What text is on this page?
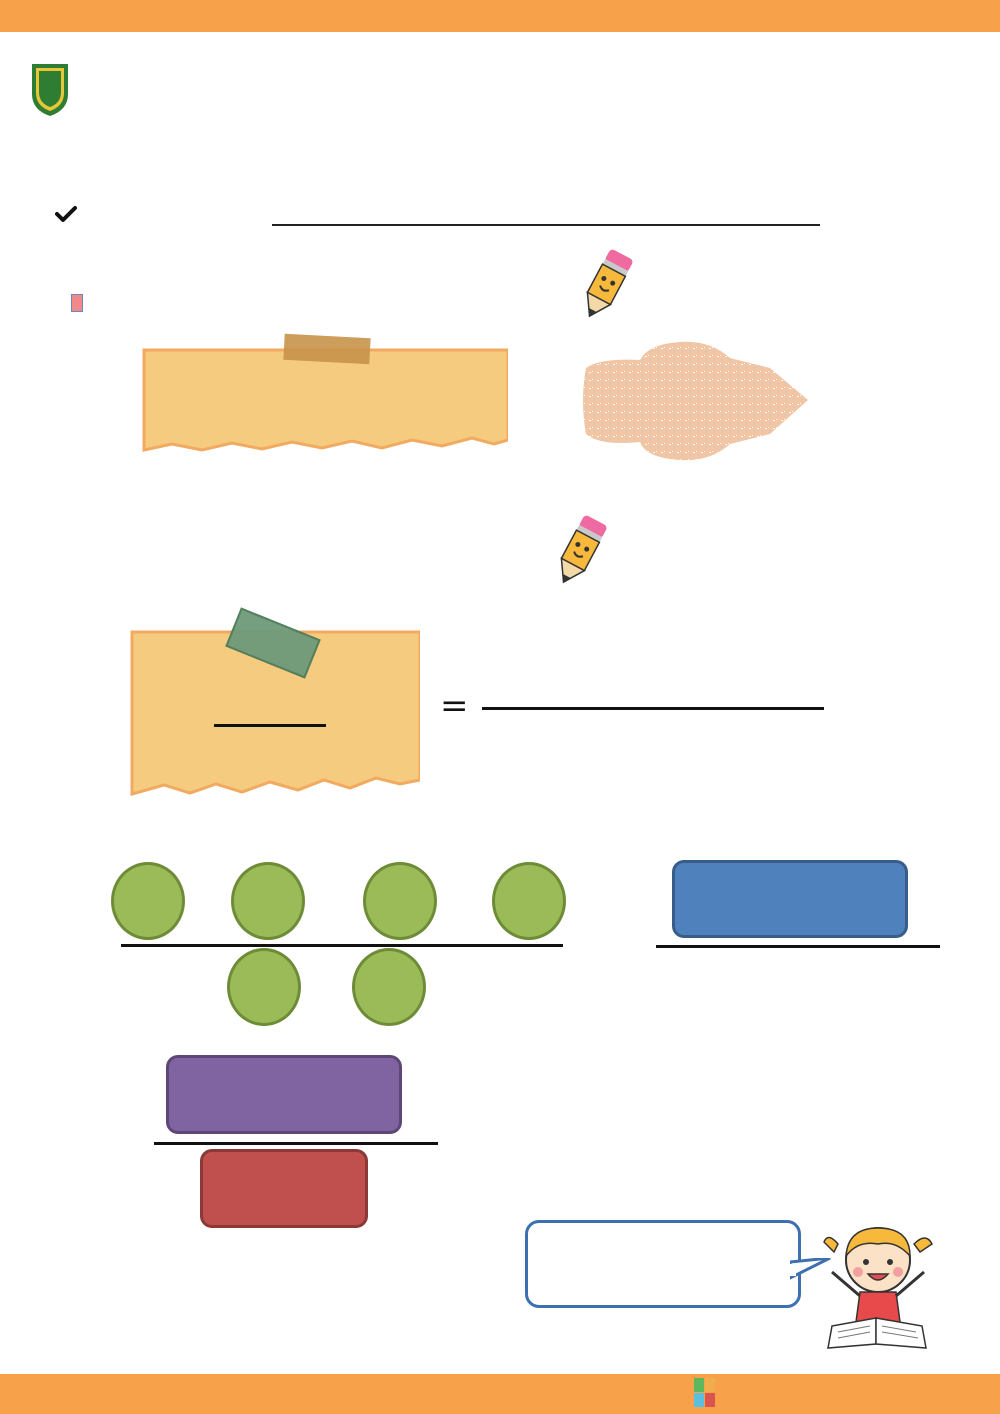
=
